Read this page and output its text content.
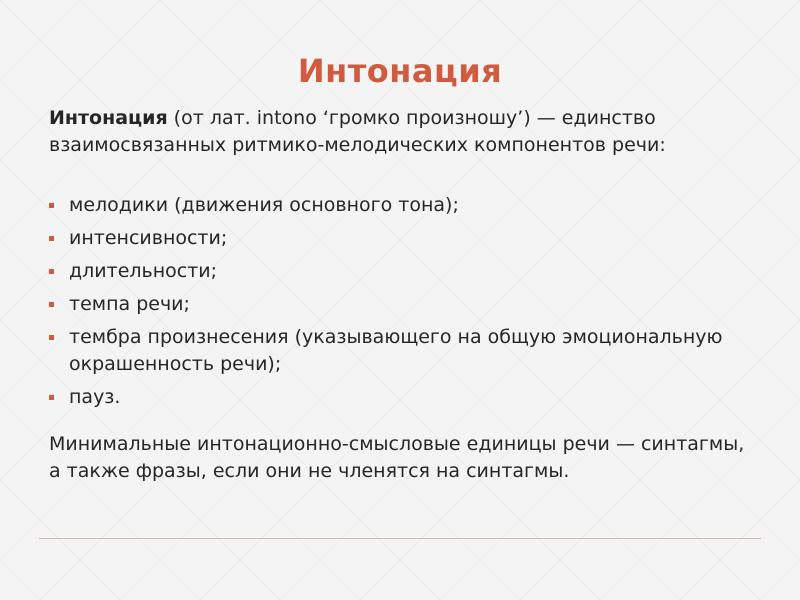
Интонация
Интонация (от лат. intono ‘громко произношу’) — единство взаимосвязанных ритмико-мелодических компонентов речи:
мелодики (движения основного тона);
интенсивности;
длительности;
темпа речи;
тембра произнесения (указывающего на общую эмоциональную окрашенность речи);
пауз.
Минимальные интонационно-смысловые единицы речи — синтагмы, а также фразы, если они не членятся на синтагмы.
